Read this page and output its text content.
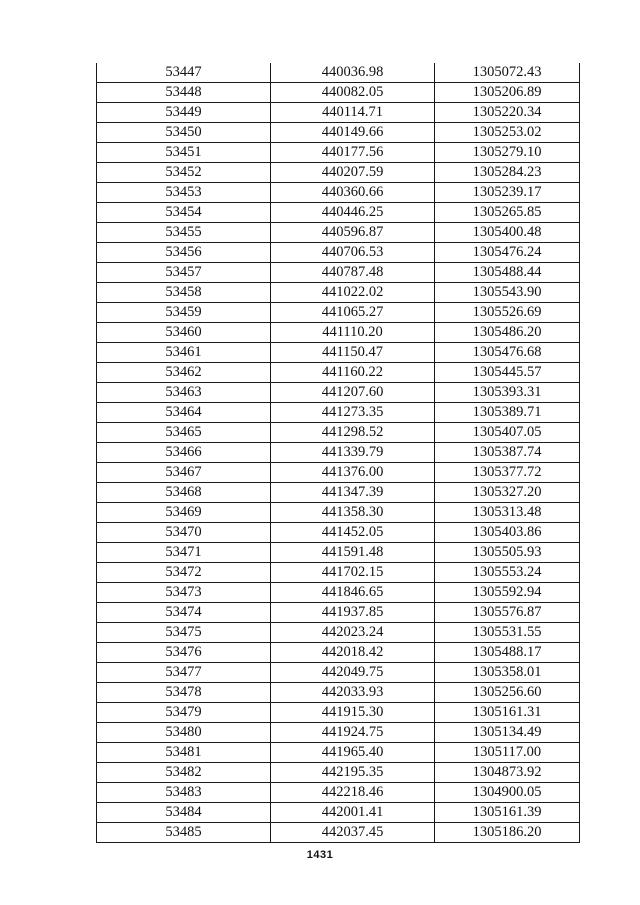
53447	440036.98	1305072.43
53448	440082.05	1305206.89
53449	440114.71	1305220.34
53450	440149.66	1305253.02
53451	440177.56	1305279.10
53452	440207.59	1305284.23
53453	440360.66	1305239.17
53454	440446.25	1305265.85
53455	440596.87	1305400.48
53456	440706.53	1305476.24
53457	440787.48	1305488.44
53458	441022.02	1305543.90
53459	441065.27	1305526.69
53460	441110.20	1305486.20
53461	441150.47	1305476.68
53462	441160.22	1305445.57
53463	441207.60	1305393.31
53464	441273.35	1305389.71
53465	441298.52	1305407.05
53466	441339.79	1305387.74
53467	441376.00	1305377.72
53468	441347.39	1305327.20
53469	441358.30	1305313.48
53470	441452.05	1305403.86
53471	441591.48	1305505.93
53472	441702.15	1305553.24
53473	441846.65	1305592.94
53474	441937.85	1305576.87
53475	442023.24	1305531.55
53476	442018.42	1305488.17
53477	442049.75	1305358.01
53478	442033.93	1305256.60
53479	441915.30	1305161.31
53480	441924.75	1305134.49
53481	441965.40	1305117.00
53482	442195.35	1304873.92
53483	442218.46	1304900.05
53484	442001.41	1305161.39
53485	442037.45	1305186.20
1431
